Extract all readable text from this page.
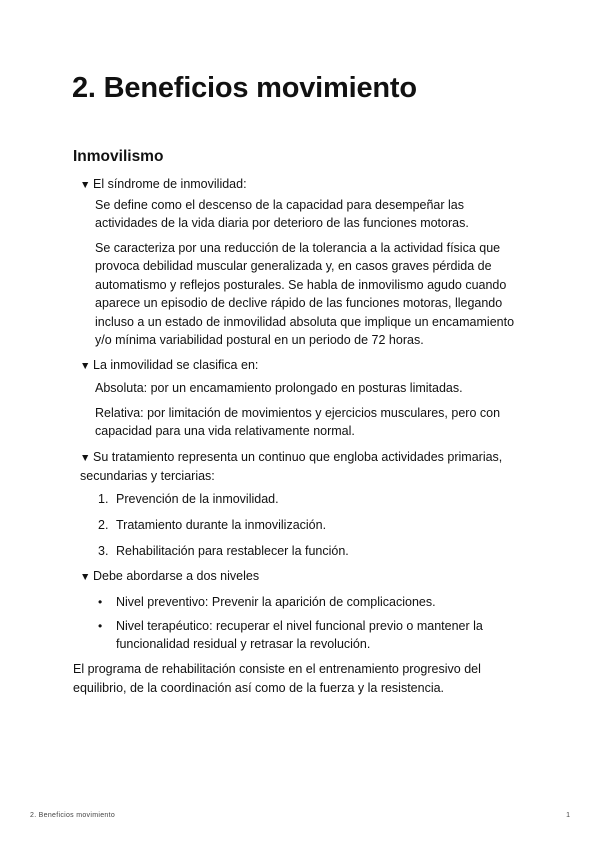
2. Beneficios movimiento
Inmovilismo
▼ El síndrome de inmovilidad:
Se define como el descenso de la capacidad para desempeñar las actividades de la vida diaria por deterioro de las funciones motoras.
Se caracteriza por una reducción de la tolerancia a la actividad física que provoca debilidad muscular generalizada y, en casos graves pérdida de automatismo y reflejos posturales. Se habla de inmovilismo agudo cuando aparece un episodio de declive rápido de las funciones motoras, llegando incluso a un estado de inmovilidad absoluta que implique un encamamiento y/o mínima variabilidad postural en un periodo de 72 horas.
▼ La inmovilidad se clasifica en:
Absoluta: por un encamamiento prolongado en posturas limitadas.
Relativa: por limitación de movimientos y ejercicios musculares, pero con capacidad para una vida relativamente normal.
▼ Su tratamiento representa un continuo que engloba actividades primarias, secundarias y terciarias:
1. Prevención de la inmovilidad.
2. Tratamiento durante la inmovilización.
3. Rehabilitación para restablecer la función.
▼ Debe abordarse a dos niveles
•	Nivel preventivo: Prevenir la aparición de complicaciones.
•	Nivel terapéutico: recuperar el nivel funcional previo o mantener la funcionalidad residual y retrasar la revolución.
El programa de rehabilitación consiste en el entrenamiento progresivo del equilibrio, de la coordinación así como de la fuerza y la resistencia.
2. Beneficios movimiento	1
